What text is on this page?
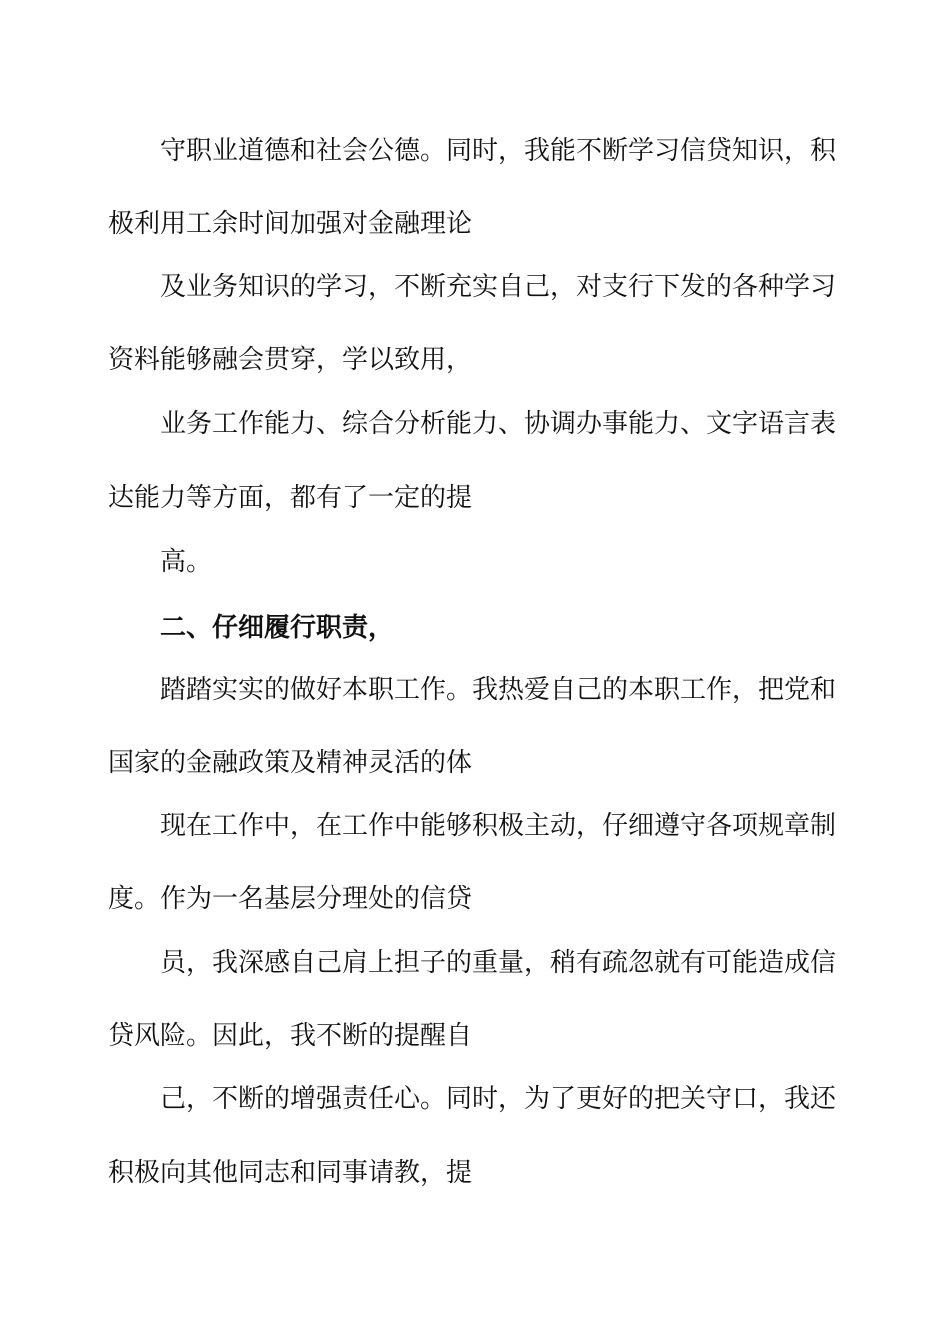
守职业道德和社会公德。同时，我能不断学习信贷知识，积
极利用工余时间加强对金融理论
及业务知识的学习，不断充实自己，对支行下发的各种学习
资料能够融会贯穿，学以致用，
业务工作能力、综合分析能力、协调办事能力、文字语言表
达能力等方面，都有了一定的提
高。
二、仔细履行职责，
踏踏实实的做好本职工作。我热爱自己的本职工作，把党和
国家的金融政策及精神灵活的体
现在工作中，在工作中能够积极主动，仔细遵守各项规章制
度。作为一名基层分理处的信贷
员，我深感自己肩上担子的重量，稍有疏忽就有可能造成信
贷风险。因此，我不断的提醒自
己，不断的增强责任心。同时，为了更好的把关守口，我还
积极向其他同志和同事请教，提
